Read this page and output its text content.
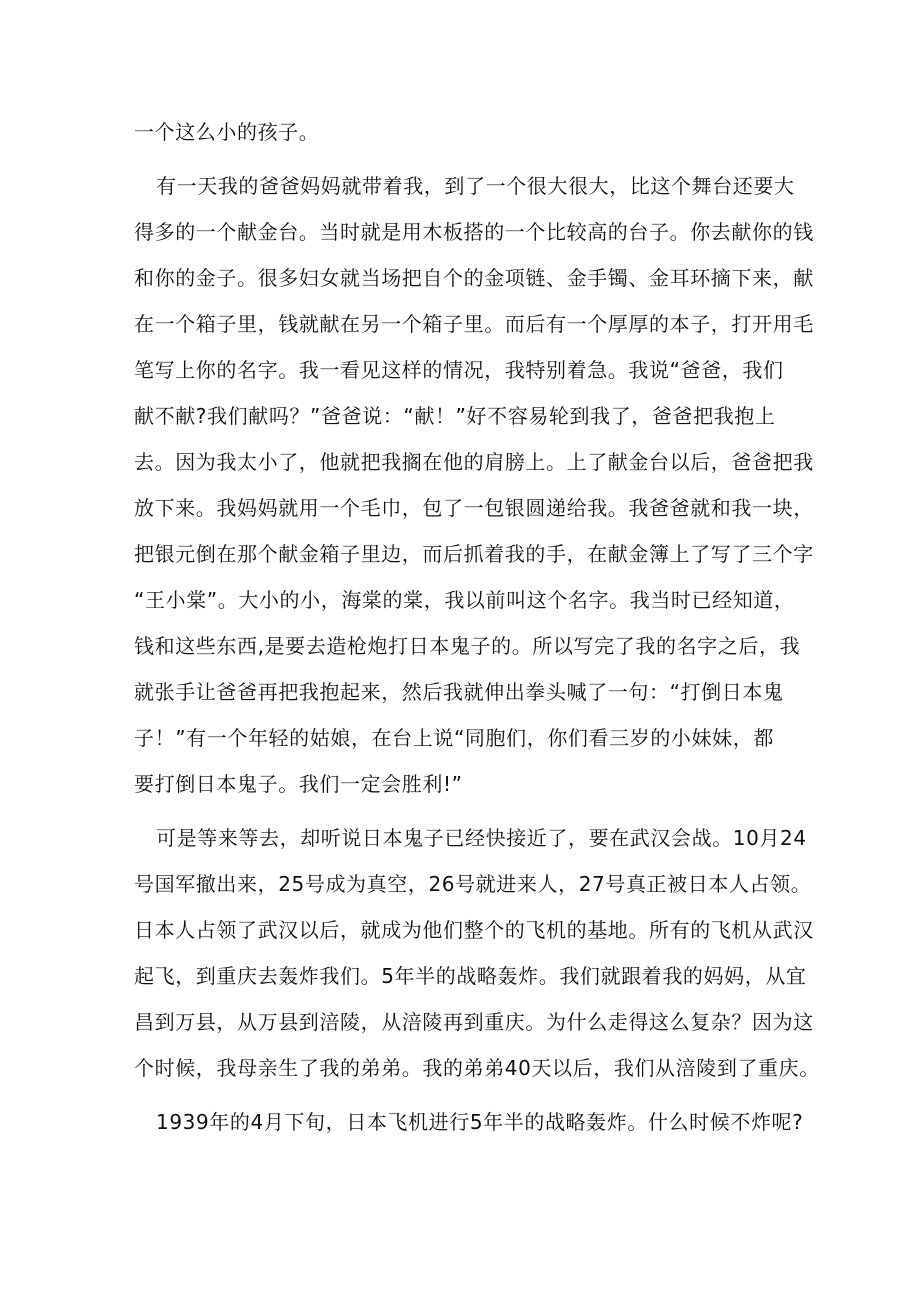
一个这么小的孩子。
有一天我的爸爸妈妈就带着我，到了一个很大很大，比这个舞台还要大
得多的一个献金台。当时就是用木板搭的一个比较高的台子。你去献你的钱
和你的金子。很多妇女就当场把自个的金项链、金手镯、金耳环摘下来，献
在一个箱子里，钱就献在另一个箱子里。而后有一个厚厚的本子，打开用毛
笔写上你的名字。我一看见这样的情况，我特别着急。我说“爸爸，我们
献不献?我们献吗？”爸爸说：“献！”好不容易轮到我了，爸爸把我抱上
去。因为我太小了，他就把我搁在他的肩膀上。上了献金台以后，爸爸把我
放下来。我妈妈就用一个毛巾，包了一包银圆递给我。我爸爸就和我一块，
把银元倒在那个献金箱子里边，而后抓着我的手，在献金簿上了写了三个字
“王小棠”。大小的小，海棠的棠，我以前叫这个名字。我当时已经知道，
钱和这些东西,是要去造枪炮打日本鬼子的。所以写完了我的名字之后，我
就张手让爸爸再把我抱起来，然后我就伸出拳头喊了一句：“打倒日本鬼
子！”有一个年轻的姑娘，在台上说“同胞们，你们看三岁的小妹妹，都
要打倒日本鬼子。我们一定会胜利!”
可是等来等去，却听说日本鬼子已经快接近了，要在武汉会战。10月24
号国军撤出来，25号成为真空，26号就进来人，27号真正被日本人占领。
日本人占领了武汉以后，就成为他们整个的飞机的基地。所有的飞机从武汉
起飞，到重庆去轰炸我们。5年半的战略轰炸。我们就跟着我的妈妈，从宜
昌到万县，从万县到涪陵，从涪陵再到重庆。为什么走得这么复杂？因为这
个时候，我母亲生了我的弟弟。我的弟弟40天以后，我们从涪陵到了重庆。
1939年的4月下旬，日本飞机进行5年半的战略轰炸。什么时候不炸呢?
